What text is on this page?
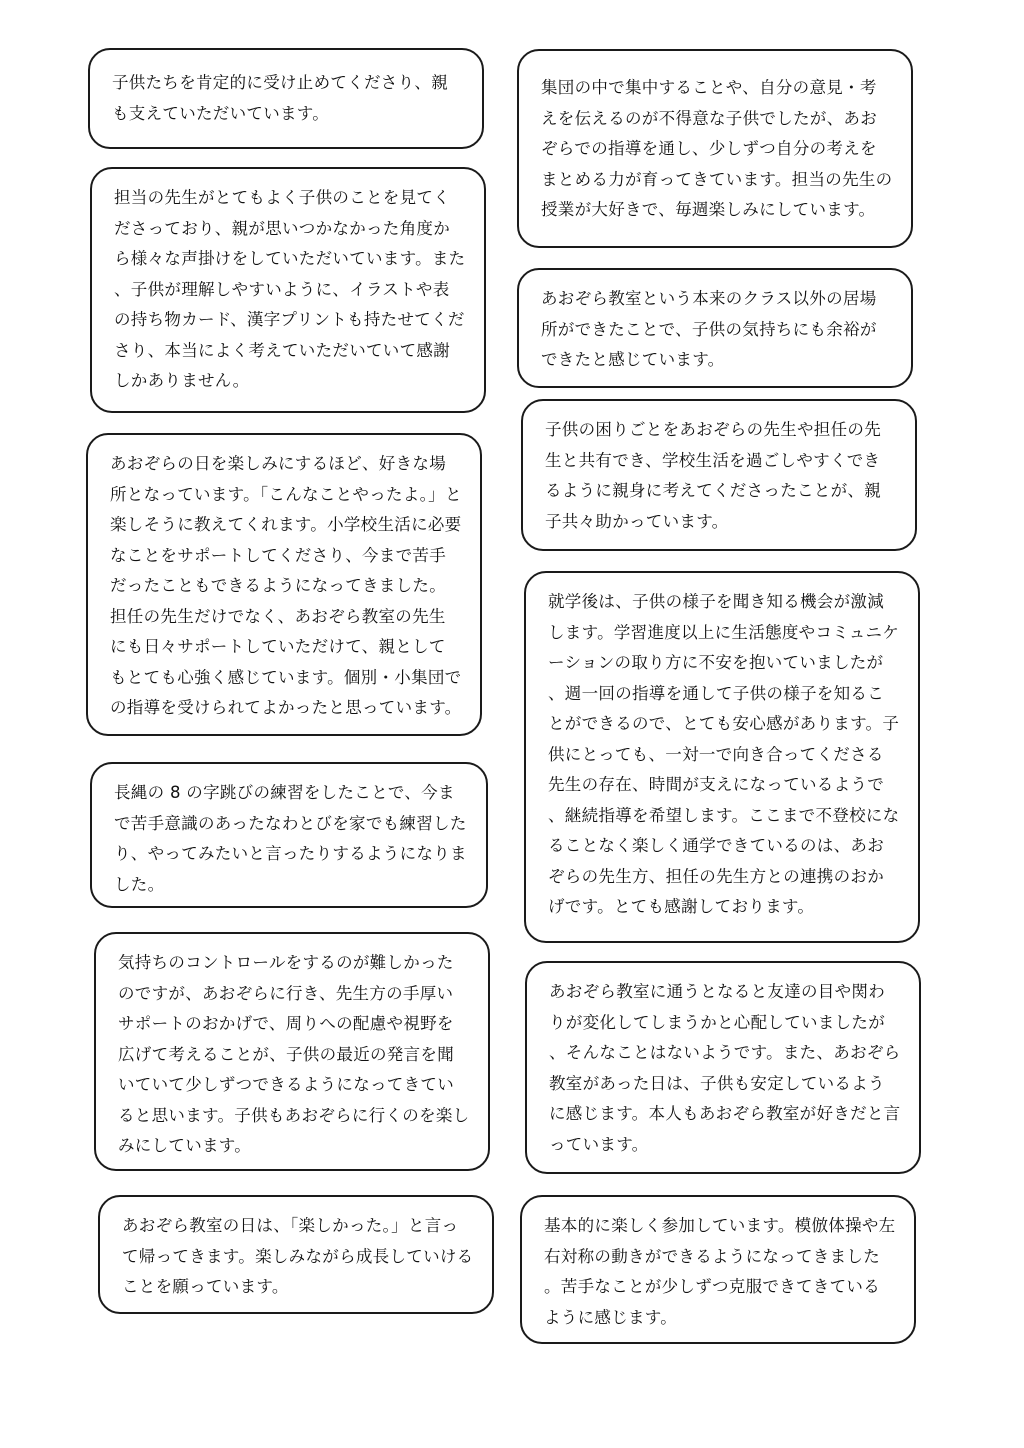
子供たちを肯定的に受け止めてくださり、親も支えていただいています。

担当の先生がとてもよく子供のことを見てくださっており、親が思いつかなかった角度から様々な声掛けをしていただいています。また、子供が理解しやすいように、イラストや表の持ち物カード、漢字プリントも持たせてくださり、本当によく考えていただいていて感謝しかありません。

あおぞらの日を楽しみにするほど、好きな場所となっています。「こんなことやったよ。」と楽しそうに教えてくれます。小学校生活に必要なことをサポートしてくださり、今まで苦手だったこともできるようになってきました。担任の先生だけでなく、あおぞら教室の先生にも日々サポートしていただけて、親としてもとても心強く感じています。個別・小集団での指導を受けられてよかったと思っています。

長縄の 8 の字跳びの練習をしたことで、今まで苦手意識のあったなわとびを家でも練習したり、やってみたいと言ったりするようになりました。

気持ちのコントロールをするのが難しかったのですが、あおぞらに行き、先生方の手厚いサポートのおかげで、周りへの配慮や視野を広げて考えることが、子供の最近の発言を聞いていて少しずつできるようになってきていると思います。子供もあおぞらに行くのを楽しみにしています。

あおぞら教室の日は、「楽しかった。」と言って帰ってきます。楽しみながら成長していけることを願っています。

集団の中で集中することや、自分の意見・考えを伝えるのが不得意な子供でしたが、あおぞらでの指導を通し、少しずつ自分の考えをまとめる力が育ってきています。担当の先生の授業が大好きで、毎週楽しみにしています。

あおぞら教室という本来のクラス以外の居場所ができたことで、子供の気持ちにも余裕ができたと感じています。

子供の困りごとをあおぞらの先生や担任の先生と共有でき、学校生活を過ごしやすくできるように親身に考えてくださったことが、親子共々助かっています。

就学後は、子供の様子を聞き知る機会が激減します。学習進度以上に生活態度やコミュニケーションの取り方に不安を抱いていましたが、週一回の指導を通して子供の様子を知ることができるので、とても安心感があります。子供にとっても、一対一で向き合ってくださる先生の存在、時間が支えになっているようで、継続指導を希望します。ここまで不登校になることなく楽しく通学できているのは、あおぞらの先生方、担任の先生方との連携のおかげです。とても感謝しております。

あおぞら教室に通うとなると友達の目や関わりが変化してしまうかと心配していましたが、そんなことはないようです。また、あおぞら教室があった日は、子供も安定しているように感じます。本人もあおぞら教室が好きだと言っています。

基本的に楽しく参加しています。模倣体操や左右対称の動きができるようになってきました。苦手なことが少しずつ克服できてきているように感じます。
